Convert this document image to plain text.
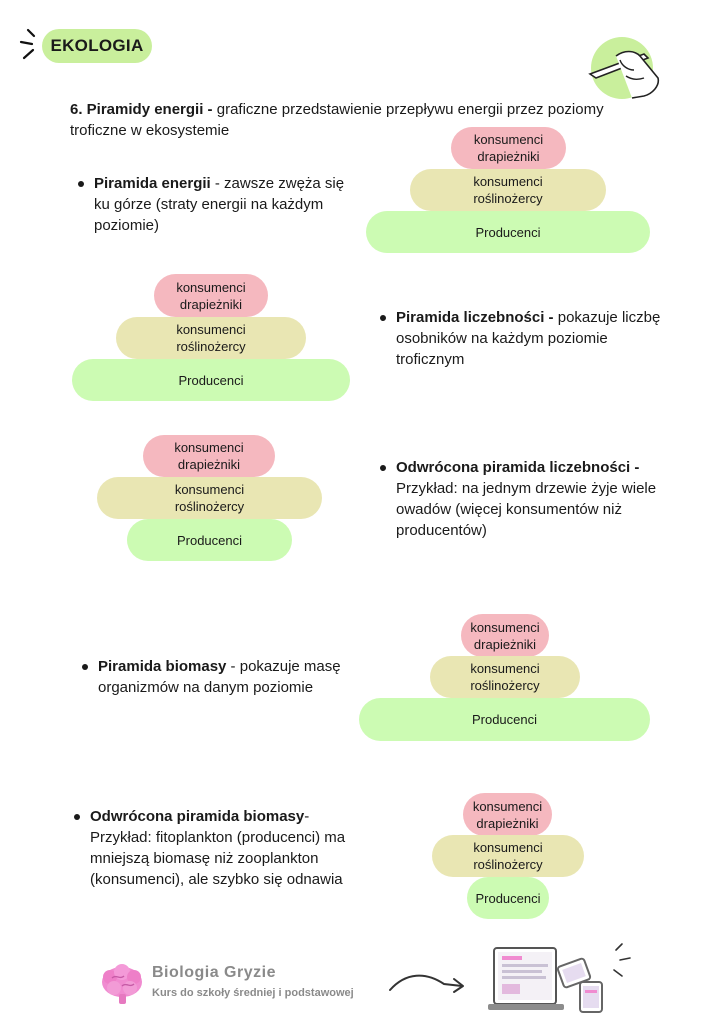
EKOLOGIA
6. Piramidy energii - graficzne przedstawienie przepływu energii przez poziomy troficzne w ekosystemie
konsumenci
drapieżniki
konsumenci
roślinożercy
Producenci
Piramida energii - zawsze zwęża się ku górze (straty energii na każdym poziomie)
konsumenci
drapieżniki
konsumenci
roślinożercy
Producenci
Piramida liczebności - pokazuje liczbę osobników na każdym poziomie troficznym
konsumenci
drapieżniki
konsumenci
roślinożercy
Producenci
Odwrócona piramida liczebności - Przykład: na jednym drzewie żyje wiele owadów (więcej konsumentów niż producentów)
konsumenci
drapieżniki
konsumenci
roślinożercy
Producenci
Piramida biomasy - pokazuje masę organizmów na danym poziomie
konsumenci
drapieżniki
konsumenci
roślinożercy
Producenci
Odwrócona piramida biomasy- Przykład: fitoplankton (producenci) ma mniejszą biomasę niż zooplankton (konsumenci), ale szybko się odnawia
Biologia Gryzie
Kurs do szkoły średniej i podstawowej
